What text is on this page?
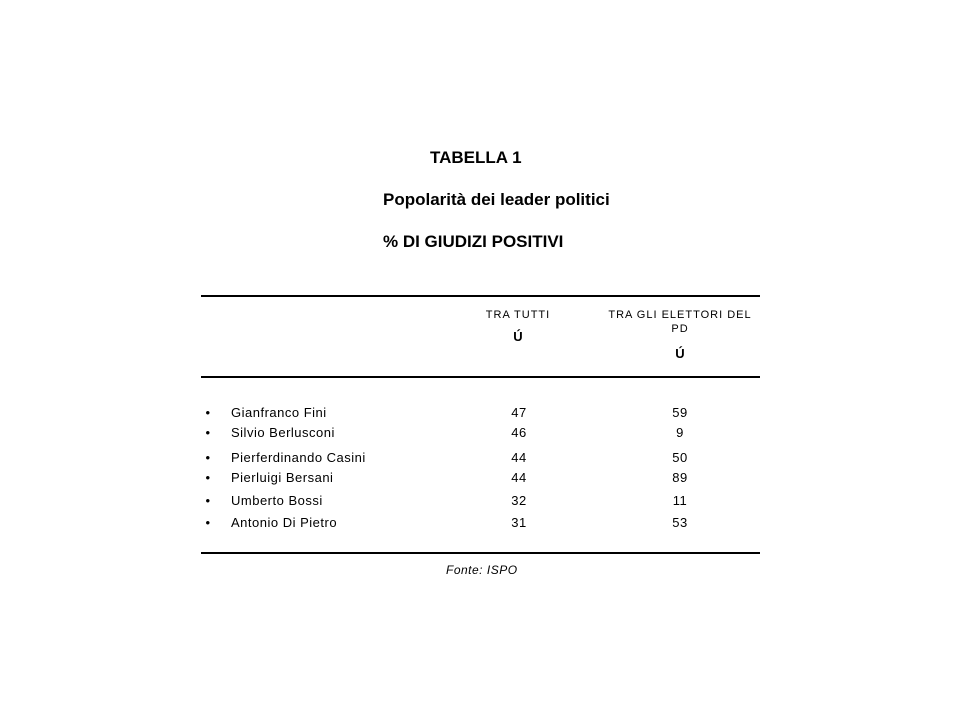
TABELLA 1
Popolarità dei leader politici
% DI GIUDIZI POSITIVI
TRA TUTTI	TRA GLI ELETTORI DEL PD
Ú
Ú
•	Gianfranco Fini	47	59
•	Silvio Berlusconi	46	9
•	Pierferdinando Casini	44	50
•	Pierluigi Bersani	44	89
•	Umberto Bossi	32	11
•	Antonio Di Pietro	31	53
Fonte: ISPO
